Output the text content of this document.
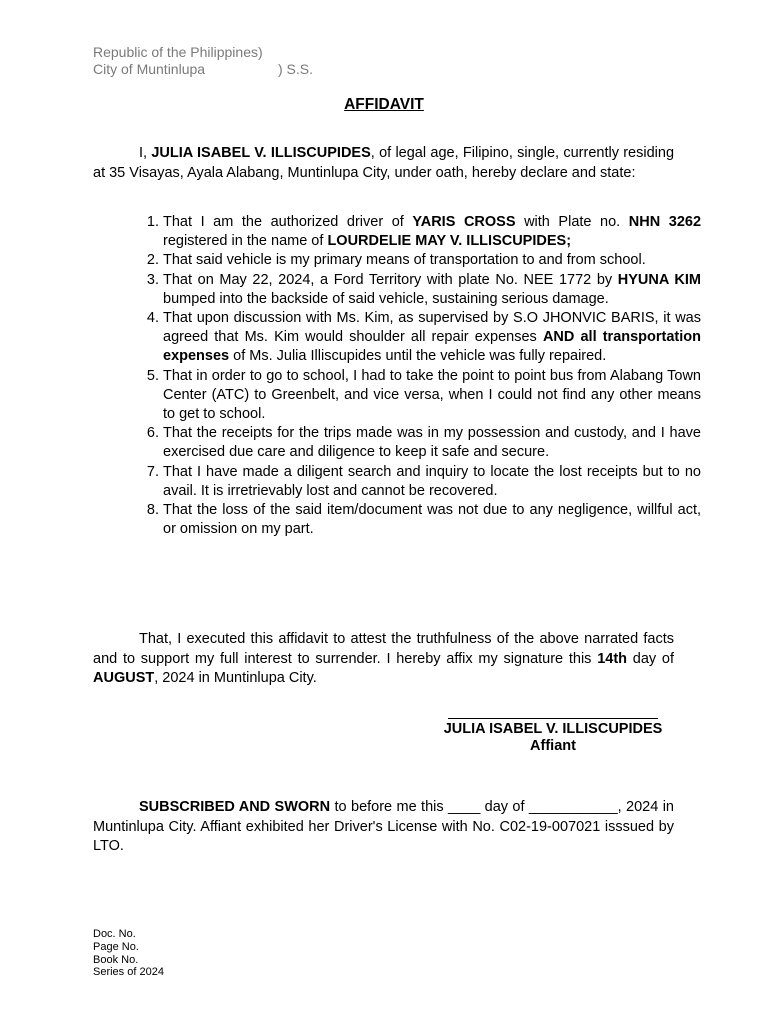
Republic of the Philippines)
City of Muntinlupa	) S.S.
AFFIDAVIT

I, JULIA ISABEL V. ILLISCUPIDES, of legal age, Filipino, single, currently residing at 35 Visayas, Ayala Alabang, Muntinlupa City, under oath, hereby declare and state:

1. That I am the authorized driver of YARIS CROSS with Plate no. NHN 3262 registered in the name of LOURDELIE MAY V. ILLISCUPIDES;
2. That said vehicle is my primary means of transportation to and from school.
3. That on May 22, 2024, a Ford Territory with plate No. NEE 1772 by HYUNA KIM bumped into the backside of said vehicle, sustaining serious damage.
4. That upon discussion with Ms. Kim, as supervised by S.O JHONVIC BARIS, it was agreed that Ms. Kim would shoulder all repair expenses AND all transportation expenses of Ms. Julia Illiscupides until the vehicle was fully repaired.
5. That in order to go to school, I had to take the point to point bus from Alabang Town Center (ATC) to Greenbelt, and vice versa, when I could not find any other means to get to school.
6. That the receipts for the trips made was in my possession and custody, and I have exercised due care and diligence to keep it safe and secure.
7. That I have made a diligent search and inquiry to locate the lost receipts but to no avail. It is irretrievably lost and cannot be recovered.
8. That the loss of the said item/document was not due to any negligence, willful act, or omission on my part.

That, I executed this affidavit to attest the truthfulness of the above narrated facts and to support my full interest to surrender. I hereby affix my signature this 14th day of AUGUST, 2024 in Muntinlupa City.

JULIA ISABEL V. ILLISCUPIDES
Affiant

SUBSCRIBED AND SWORN to before me this ____ day of ___________, 2024 in Muntinlupa City. Affiant exhibited her Driver's License with No. C02-19-007021 isssued by LTO.

Doc. No.
Page No.
Book No.
Series of 2024
